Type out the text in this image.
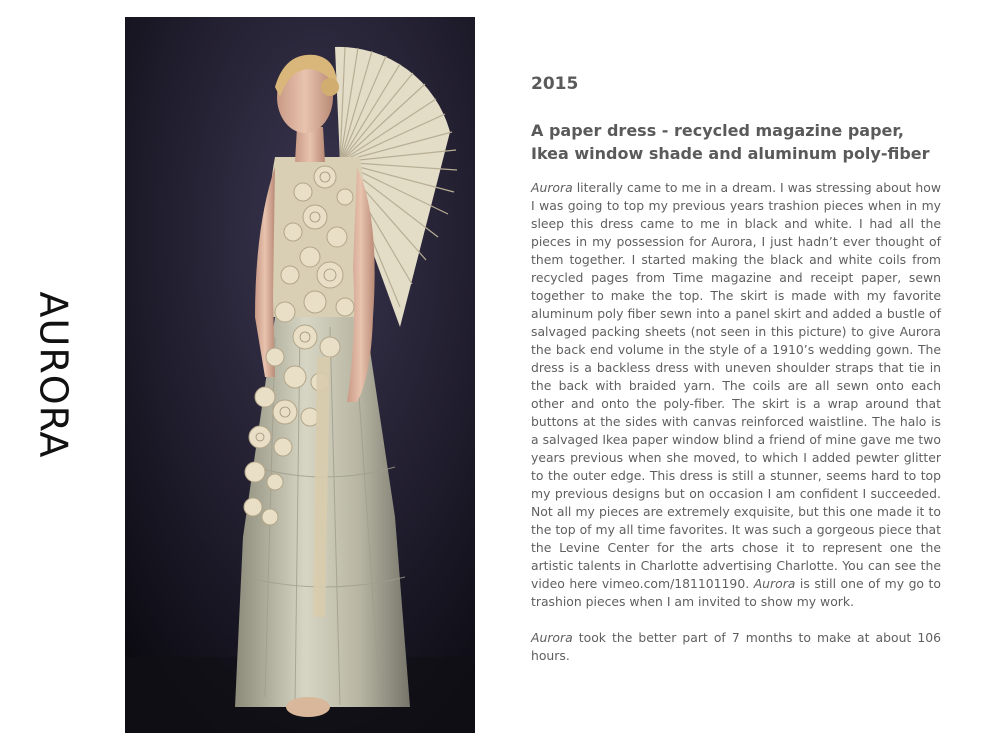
AURORA
2015
A paper dress - recycled magazine paper, Ikea window shade and aluminum poly-fiber

Aurora literally came to me in a dream. I was stressing about how I was going to top my previous years trashion pieces when in my sleep this dress came to me in black and white. I had all the pieces in my possession for Aurora, I just hadn’t ever thought of them together. I started making the black and white coils from recycled pages from Time magazine and receipt paper, sewn together to make the top. The skirt is made with my favorite aluminum poly fiber sewn into a panel skirt and added a bustle of salvaged packing sheets (not seen in this picture) to give Aurora the back end volume in the style of a 1910’s wedding gown. The dress is a backless dress with uneven shoulder straps that tie in the back with braided yarn. The coils are all sewn onto each other and onto the poly-fiber. The skirt is a wrap around that buttons at the sides with canvas reinforced waistline. The halo is a salvaged Ikea paper window blind a friend of mine gave me two years previous when she moved, to which I added pewter glitter to the outer edge. This dress is still a stunner, seems hard to top my previous designs but on occasion I am confident I succeeded. Not all my pieces are extremely exquisite, but this one made it to the top of my all time favorites. It was such a gorgeous piece that the Levine Center for the arts chose it to represent one the artistic talents in Charlotte advertising Charlotte. You can see the video here vimeo.com/181101190. Aurora is still one of my go to trashion pieces when I am invited to show my work.

Aurora took the better part of 7 months to make at about 106 hours.
